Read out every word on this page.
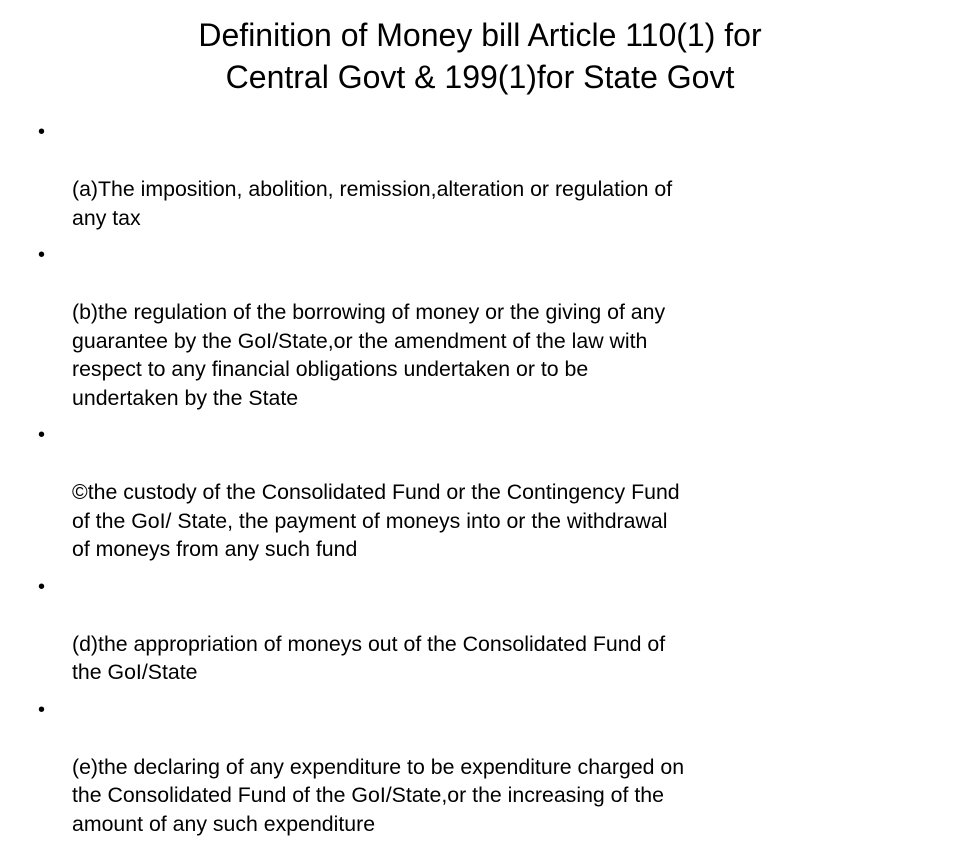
Definition of Money bill Article 110(1) for
Central Govt & 199(1)for State Govt

•

(a)The imposition, abolition, remission,alteration or regulation of
any tax

•

(b)the regulation of the borrowing of money or the giving of any
guarantee by the GoI/State,or the amendment of the law with
respect to any financial obligations undertaken or to be
undertaken by the State

•

©the custody of the Consolidated Fund or the Contingency Fund
of the GoI/ State, the payment of moneys into or the withdrawal
of moneys from any such fund

•

(d)the appropriation of moneys out of the Consolidated Fund of
the GoI/State

•

(e)the declaring of any expenditure to be expenditure charged on
the Consolidated Fund of the GoI/State,or the increasing of the
amount of any such expenditure
